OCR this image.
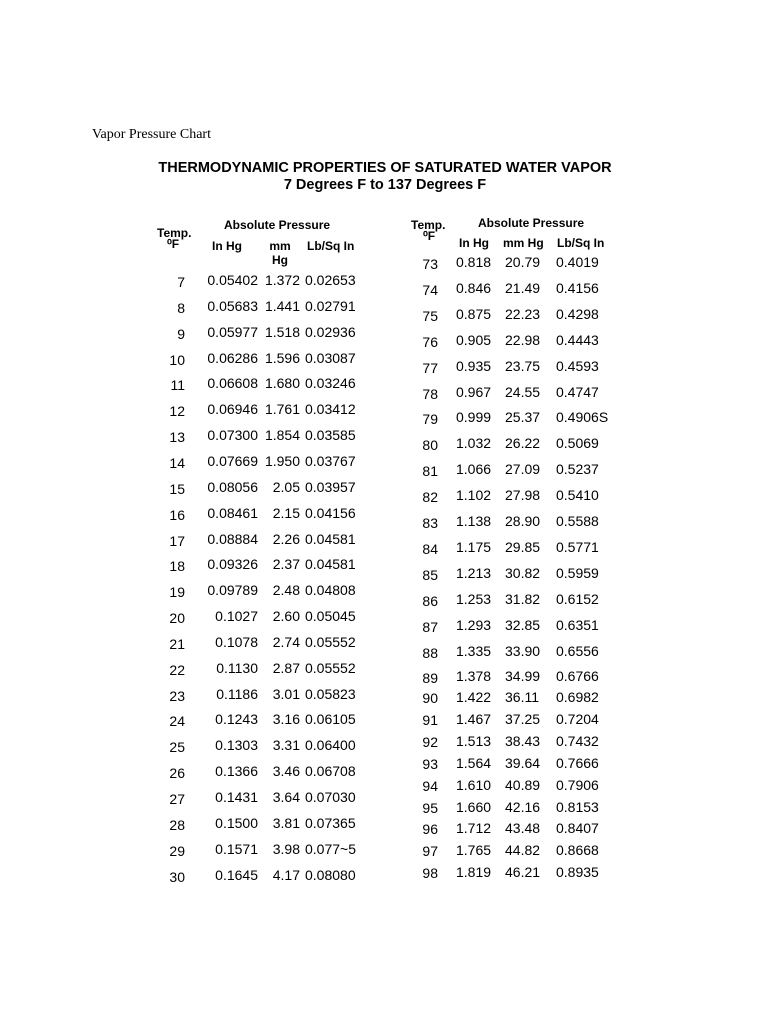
Vapor Pressure Chart
THERMODYNAMIC PROPERTIES OF SATURATED WATER VAPOR
7 Degrees F to 137 Degrees F
Temp.
⁰F
Absolute Pressure
In Hg	mm Hg
Lb/Sq In
7	0.05402 1.372 0.02653
8	0.05683 1.441 0.02791
9	0.05977 1.518 0.02936
10	0.06286 1.596 0.03087
11	0.06608 1.680 0.03246
12	0.06946 1.761 0.03412
13	0.07300 1.854 0.03585
14	0.07669 1.950 0.03767
15	0.08056	2.05 0.03957
16	0.08461	2.15 0.04156
17	0.08884	2.26 0.04581
18	0.09326	2.37 0.04581
19	0.09789	2.48 0.04808
20	0.1027	2.60 0.05045
21	0.1078	2.74 0.05552
22	0.1130	2.87 0.05552
23	0.1186	3.01 0.05823
24	0.1243	3.16 0.06105
25	0.1303	3.31 0.06400
26	0.1366	3.46 0.06708
27	0.1431	3.64 0.07030
28	0.1500	3.81 0.07365
29	0.1571	3.98 0.077~5
30	0.1645	4.17 0.08080
Temp.
⁰F
Absolute Pressure
In Hg mm Hg Lb/Sq In
73 0.818 20.79 0.4019
74 0.846 21.49 0.4156
75 0.875 22.23 0.4298
76 0.905 22.98 0.4443
77 0.935 23.75 0.4593
78 0.967 24.55 0.4747
79 0.999 25.37 0.4906S
80 1.032 26.22 0.5069
81 1.066 27.09 0.5237
82 1.102 27.98 0.5410
83 1.138 28.90 0.5588
84 1.175 29.85 0.5771
85 1.213 30.82 0.5959
86 1.253 31.82 0.6152
87 1.293 32.85 0.6351
88 1.335 33.90 0.6556
89 1.378 34.99 0.6766
90 1.422 36.11 0.6982
91 1.467 37.25 0.7204
92 1.513 38.43 0.7432
93 1.564 39.64 0.7666
94 1.610 40.89 0.7906
95 1.660 42.16 0.8153
96 1.712 43.48 0.8407
97 1.765 44.82 0.8668
98 1.819 46.21 0.8935
